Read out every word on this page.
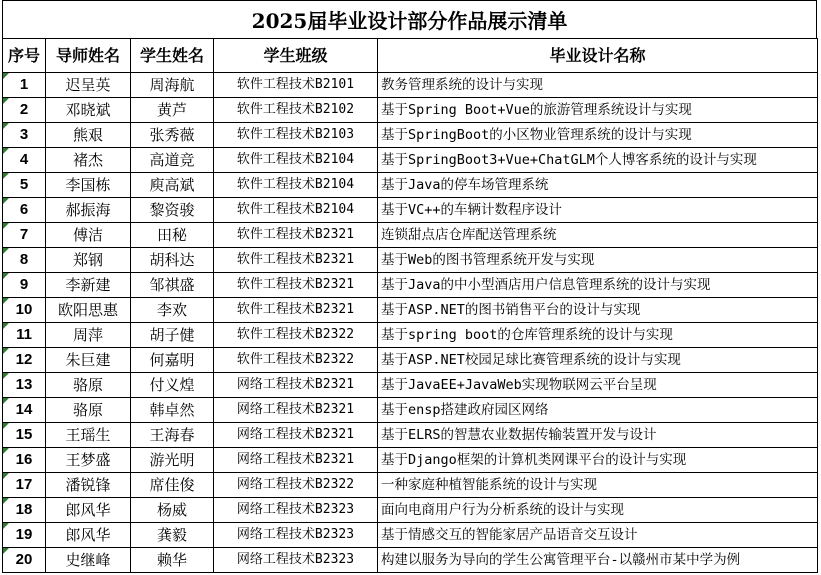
2025届毕业设计部分作品展示清单
序号	导师姓名	学生姓名	学生班级	毕业设计名称
1	迟呈英	周海航	软件工程技术B2101	教务管理系统的设计与实现
2	邓晓斌	黄芦	软件工程技术B2102	基于Spring Boot+Vue的旅游管理系统设计与实现
3	熊艰	张秀薇	软件工程技术B2103	基于SpringBoot的小区物业管理系统的设计与实现
4	褚杰	高道竞	软件工程技术B2104	基于SpringBoot3+Vue+ChatGLM个人博客系统的设计与实现
5	李国栋	庾高斌	软件工程技术B2104	基于Java的停车场管理系统
6	郝振海	黎资骏	软件工程技术B2104	基于VC++的车辆计数程序设计
7	傅洁	田秘	软件工程技术B2321	连锁甜点店仓库配送管理系统
8	郑钢	胡科达	软件工程技术B2321	基于Web的图书管理系统开发与实现
9	李新建	邹祺盛	软件工程技术B2321	基于Java的中小型酒店用户信息管理系统的设计与实现
10	欧阳思惠	李欢	软件工程技术B2321	基于ASP.NET的图书销售平台的设计与实现
11	周萍	胡子健	软件工程技术B2322	基于spring boot的仓库管理系统的设计与实现
12	朱巨建	何嘉明	软件工程技术B2322	基于ASP.NET校园足球比赛管理系统的设计与实现
13	骆原	付义煌	网络工程技术B2321	基于JavaEE+JavaWeb实现物联网云平台呈现
14	骆原	韩卓然	网络工程技术B2321	基于ensp搭建政府园区网络
15	王瑶生	王海春	网络工程技术B2321	基于ELRS的智慧农业数据传输装置开发与设计
16	王梦盛	游光明	网络工程技术B2321	基于Django框架的计算机类网课平台的设计与实现
17	潘锐锋	席佳俊	网络工程技术B2322	一种家庭种植智能系统的设计与实现
18	郎风华	杨威	网络工程技术B2323	面向电商用户行为分析系统的设计与实现
19	郎风华	龚毅	网络工程技术B2323	基于情感交互的智能家居产品语音交互设计
20	史继峰	赖华	网络工程技术B2323	构建以服务为导向的学生公寓管理平台-以赣州市某中学为例
